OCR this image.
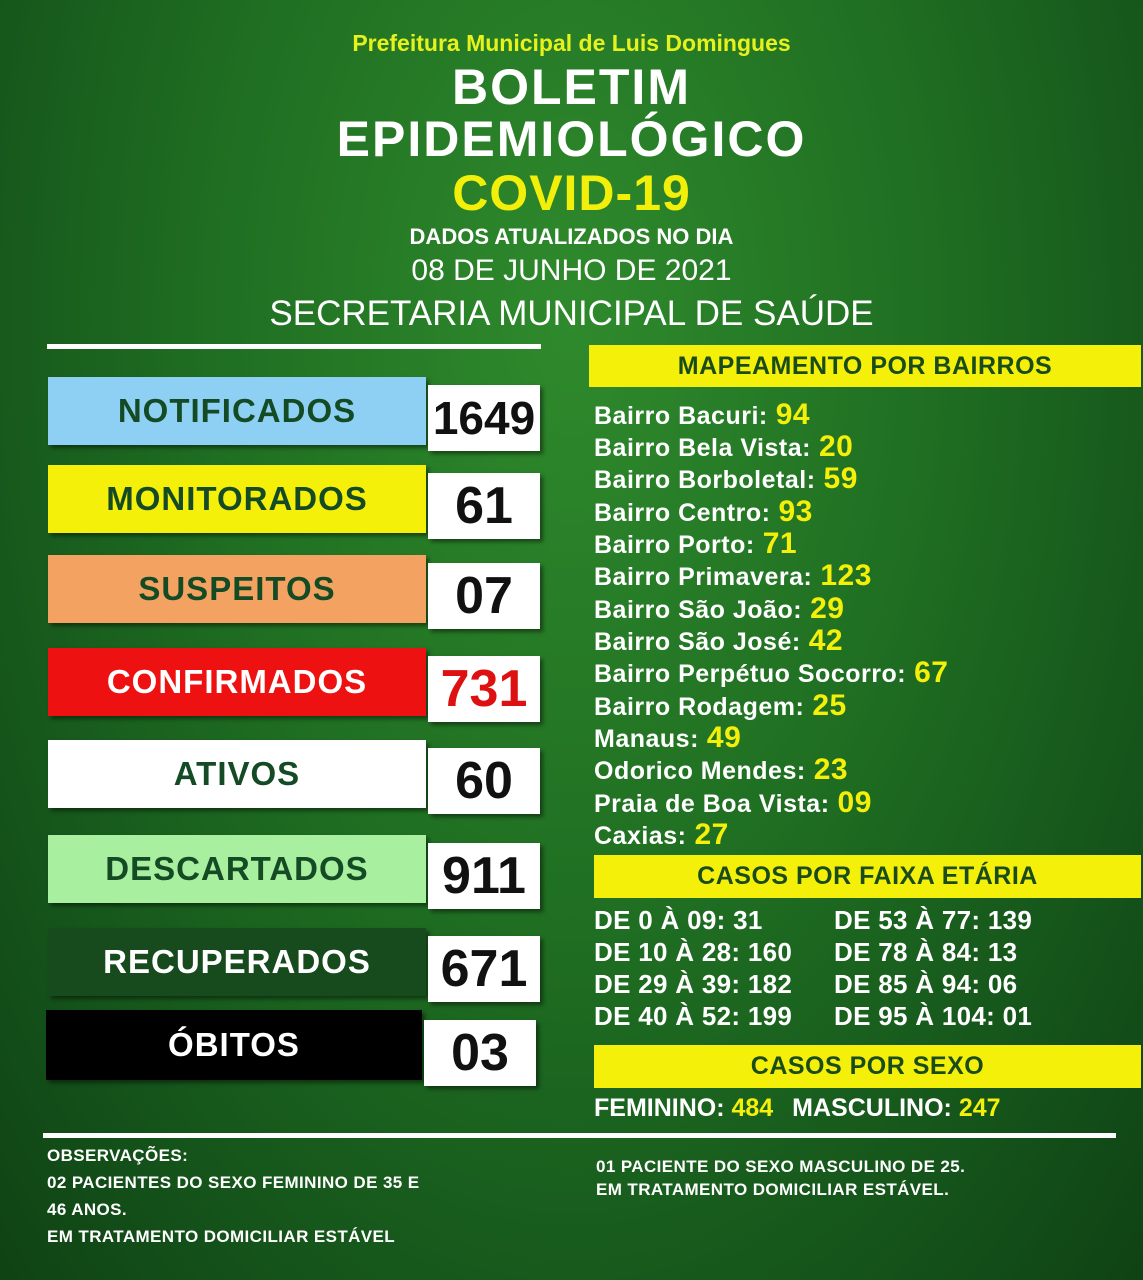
Prefeitura Municipal de Luis Domingues
BOLETIM
EPIDEMIOLÓGICO
COVID-19
DADOS ATUALIZADOS NO DIA
08 DE JUNHO DE 2021
SECRETARIA MUNICIPAL DE SAÚDE
NOTIFICADOS	1649
MONITORADOS	61
SUSPEITOS	07
CONFIRMADOS	731
ATIVOS	60
DESCARTADOS	911
RECUPERADOS	671
ÓBITOS	03
MAPEAMENTO POR BAIRROS
Bairro Bacuri: 94
Bairro Bela Vista: 20
Bairro Borboletal: 59
Bairro Centro: 93
Bairro Porto: 71
Bairro Primavera: 123
Bairro São João: 29
Bairro São José: 42
Bairro Perpétuo Socorro: 67
Bairro Rodagem: 25
Manaus: 49
Odorico Mendes: 23
Praia de Boa Vista: 09
Caxias: 27
CASOS POR FAIXA ETÁRIA
DE 0 À 09: 31
DE 10 À 28: 160
DE 29 À 39: 182
DE 40 À 52: 199
DE 53 À 77: 139
DE 78 À 84: 13
DE 85 À 94: 06
DE 95 À 104: 01
CASOS POR SEXO
FEMININO: 484 MASCULINO: 247
OBSERVAÇÕES:
02 PACIENTES DO SEXO FEMININO DE 35 E
46 ANOS.
EM TRATAMENTO DOMICILIAR ESTÁVEL
01 PACIENTE DO SEXO MASCULINO DE 25.
EM TRATAMENTO DOMICILIAR ESTÁVEL.
